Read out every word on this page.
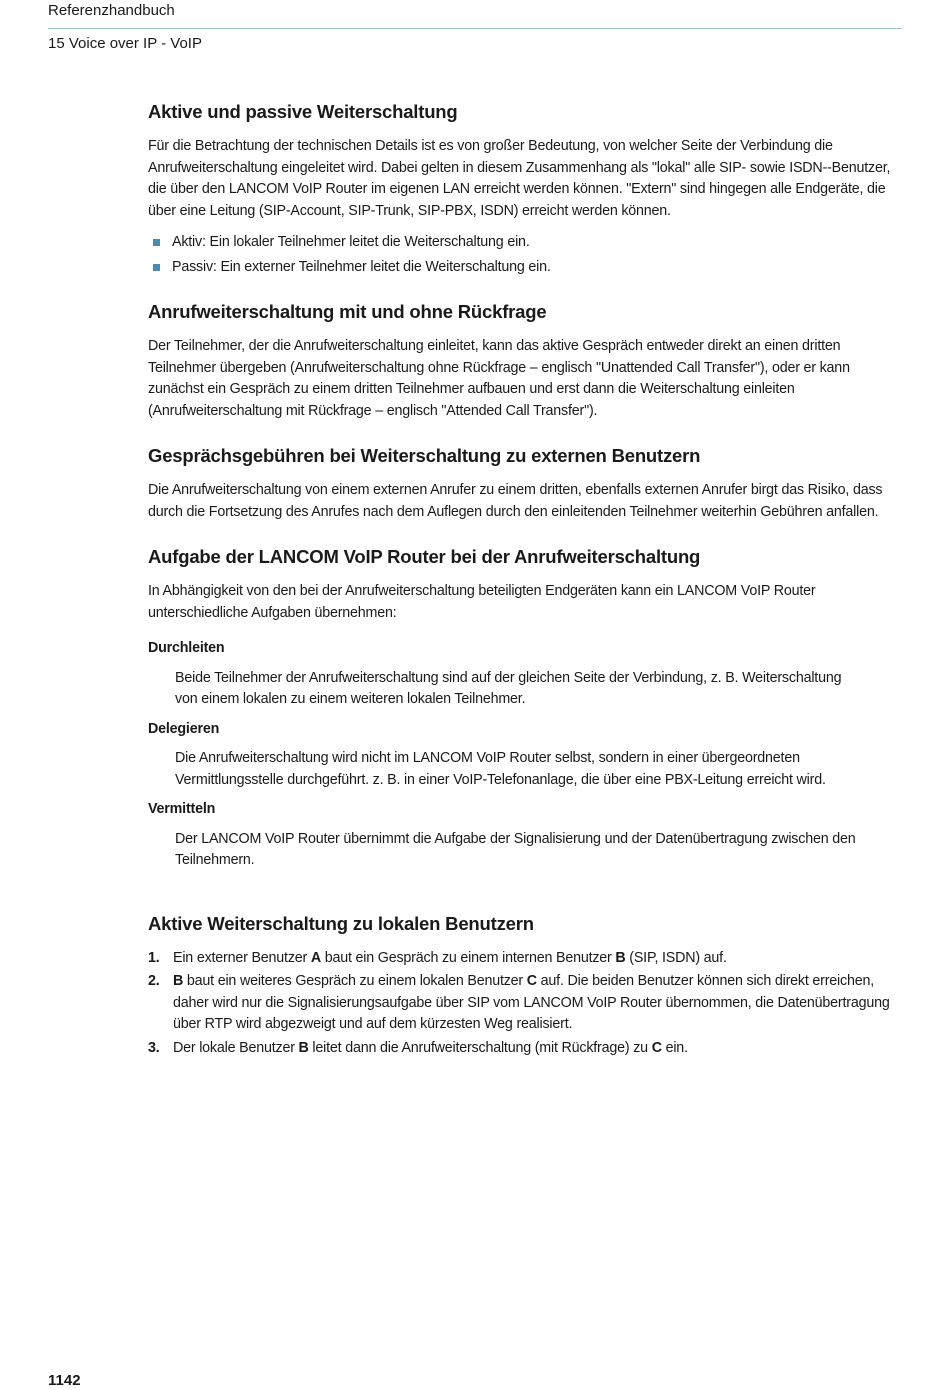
Referenzhandbuch
15 Voice over IP - VoIP
Aktive und passive Weiterschaltung

Für die Betrachtung der technischen Details ist es von großer Bedeutung, von welcher Seite der Verbindung die Anrufweiterschaltung eingeleitet wird. Dabei gelten in diesem Zusammenhang als "lokal" alle SIP- sowie ISDN--Benutzer, die über den LANCOM VoIP Router im eigenen LAN erreicht werden können. "Extern" sind hingegen alle Endgeräte, die über eine Leitung (SIP-Account, SIP-Trunk, SIP-PBX, ISDN) erreicht werden können.

Aktiv: Ein lokaler Teilnehmer leitet die Weiterschaltung ein.
Passiv: Ein externer Teilnehmer leitet die Weiterschaltung ein.
Anrufweiterschaltung mit und ohne Rückfrage

Der Teilnehmer, der die Anrufweiterschaltung einleitet, kann das aktive Gespräch entweder direkt an einen dritten Teilnehmer übergeben (Anrufweiterschaltung ohne Rückfrage – englisch "Unattended Call Transfer"), oder er kann zunächst ein Gespräch zu einem dritten Teilnehmer aufbauen und erst dann die Weiterschaltung einleiten (Anrufweiterschaltung mit Rückfrage – englisch "Attended Call Transfer").

Gesprächsgebühren bei Weiterschaltung zu externen Benutzern

Die Anrufweiterschaltung von einem externen Anrufer zu einem dritten, ebenfalls externen Anrufer birgt das Risiko, dass durch die Fortsetzung des Anrufes nach dem Auflegen durch den einleitenden Teilnehmer weiterhin Gebühren anfallen.

Aufgabe der LANCOM VoIP Router bei der Anrufweiterschaltung

In Abhängigkeit von den bei der Anrufweiterschaltung beteiligten Endgeräten kann ein LANCOM VoIP Router unterschiedliche Aufgaben übernehmen:

Durchleiten
Beide Teilnehmer der Anrufweiterschaltung sind auf der gleichen Seite der Verbindung, z. B. Weiterschaltung von einem lokalen zu einem weiteren lokalen Teilnehmer.
Delegieren
Die Anrufweiterschaltung wird nicht im LANCOM VoIP Router selbst, sondern in einer übergeordneten Vermittlungsstelle durchgeführt. z. B. in einer VoIP-Telefonanlage, die über eine PBX-Leitung erreicht wird.
Vermitteln
Der LANCOM VoIP Router übernimmt die Aufgabe der Signalisierung und der Datenübertragung zwischen den Teilnehmern.
Aktive Weiterschaltung zu lokalen Benutzern
1. Ein externer Benutzer A baut ein Gespräch zu einem internen Benutzer B (SIP, ISDN) auf.
2. B baut ein weiteres Gespräch zu einem lokalen Benutzer C auf. Die beiden Benutzer können sich direkt erreichen, daher wird nur die Signalisierungsaufgabe über SIP vom LANCOM VoIP Router übernommen, die Datenübertragung über RTP wird abgezweigt und auf dem kürzesten Weg realisiert.
3. Der lokale Benutzer B leitet dann die Anrufweiterschaltung (mit Rückfrage) zu C ein.
1142
